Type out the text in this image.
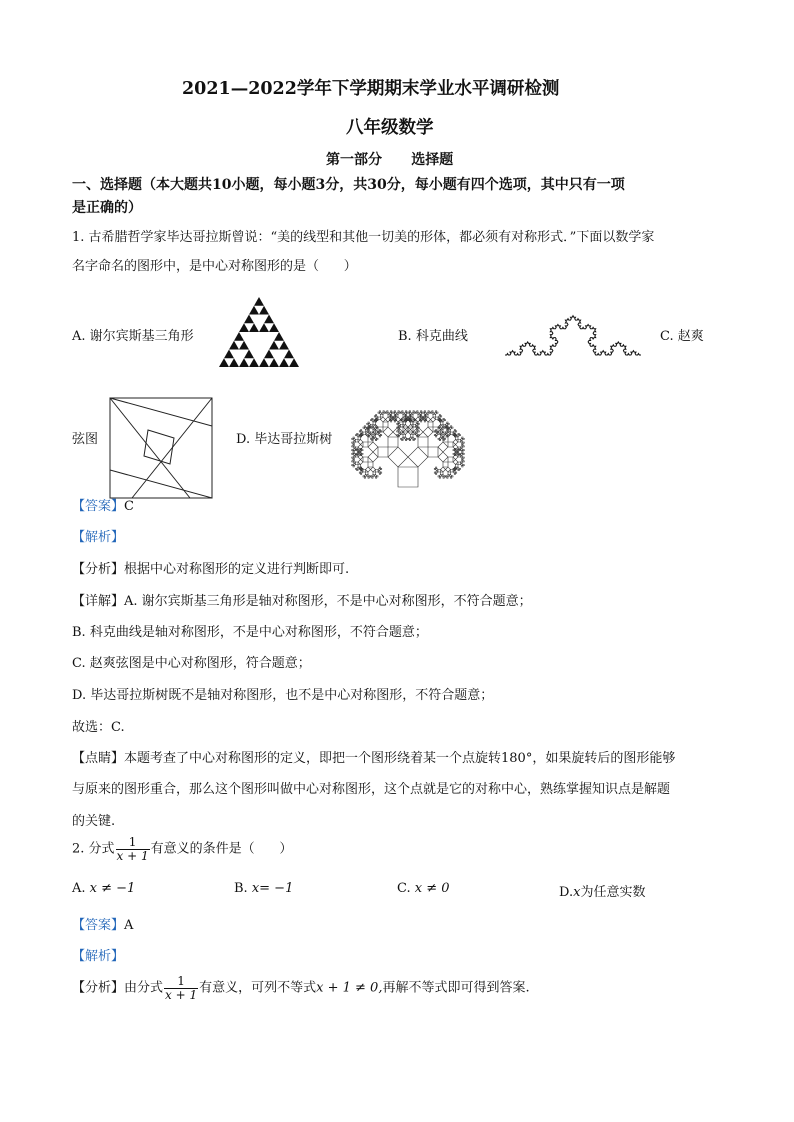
2021—2022学年下学期期末学业水平调研检测
八年级数学
第一部分      选择题
一、选择题（本大题共10小题，每小题3分，共30分，每小题有四个选项，其中只有一项
是正确的）
1. 古希腊哲学家毕达哥拉斯曾说：“美的线型和其他一切美的形体，都必须有对称形式．”下面以数学家
名字命名的图形中，是中心对称图形的是（      ）
A. 谢尔宾斯基三角形	B. 科克曲线	C. 赵爽
弦图	D. 毕达哥拉斯树
【答案】C
【解析】
【分析】根据中心对称图形的定义进行判断即可.
【详解】A. 谢尔宾斯基三角形是轴对称图形，不是中心对称图形，不符合题意；
B. 科克曲线是轴对称图形，不是中心对称图形，不符合题意；
C. 赵爽弦图是中心对称图形，符合题意；
D. 毕达哥拉斯树既不是轴对称图形，也不是中心对称图形，不符合题意；
故选：C.
【点睛】本题考查了中心对称图形的定义，即把一个图形绕着某一个点旋转180°，如果旋转后的图形能够
与原来的图形重合，那么这个图形叫做中心对称图形，这个点就是它的对称中心，熟练掌握知识点是解题
的关键.
2. 分式 $\frac{1}{x + 1}$ 有意义的条件是（      ）
A. x ≠ −1	B. x= −1	C. x ≠ 0	D.x为任意实数
【答案】A
【解析】
【分析】由分式 $\frac{1}{x + 1}$ 有意义，可列不等式x + 1 ≠ 0,再解不等式即可得到答案.
